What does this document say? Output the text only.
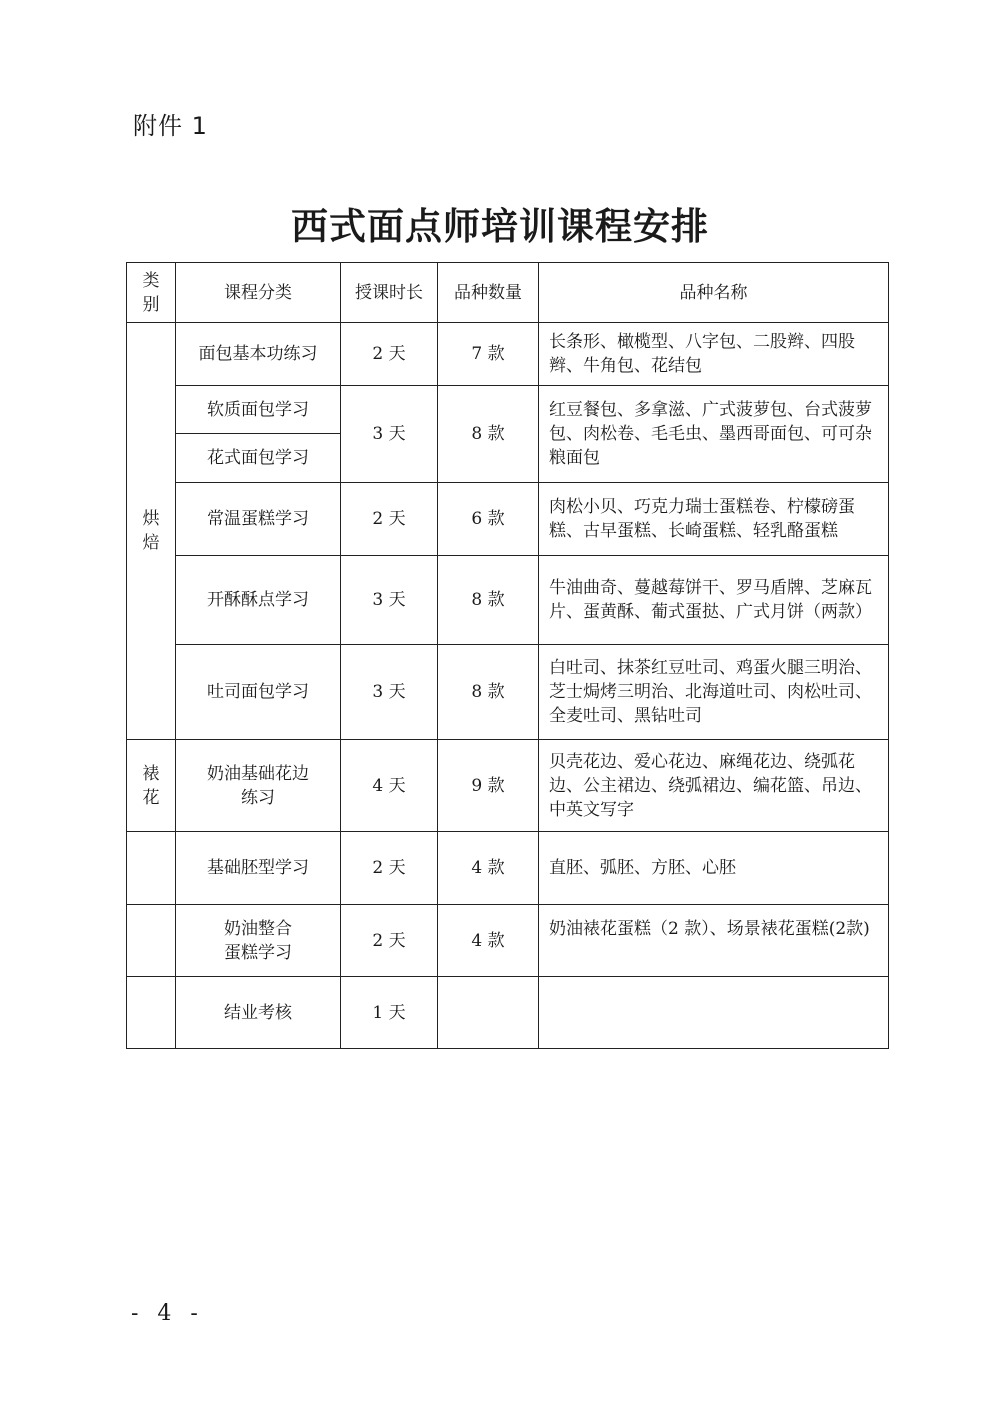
附件 1
西式面点师培训课程安排
类别	课程分类	授课时长	品种数量	品种名称

烘焙	面包基本功练习	2 天	7 款	长条形、橄榄型、八字包、二股辫、四股辫、牛角包、花结包
	软质面包学习	3 天	8 款	红豆餐包、多拿滋、广式菠萝包、台式菠萝包、肉松卷、毛毛虫、墨西哥面包、可可杂粮面包
	花式面包学习			
	常温蛋糕学习	2 天	6 款	肉松小贝、巧克力瑞士蛋糕卷、柠檬磅蛋糕、古早蛋糕、长崎蛋糕、轻乳酪蛋糕
	开酥酥点学习	3 天	8 款	牛油曲奇、蔓越莓饼干、罗马盾牌、芝麻瓦片、蛋黄酥、葡式蛋挞、广式月饼（两款）
	吐司面包学习	3 天	8 款	白吐司、抹茶红豆吐司、鸡蛋火腿三明治、芝士焗烤三明治、北海道吐司、肉松吐司、全麦吐司、黑钻吐司

裱花	奶油基础花边练习	4 天	9 款	贝壳花边、爱心花边、麻绳花边、绕弧花边、公主裙边、绕弧裙边、编花篮、吊边、中英文写字
	基础胚型学习	2 天	4 款	直胚、弧胚、方胚、心胚

	奶油整合蛋糕学习	2 天	4 款	奶油裱花蛋糕（2 款）、场景裱花蛋糕(2款)
	结业考核	1 天		
- 4 -
